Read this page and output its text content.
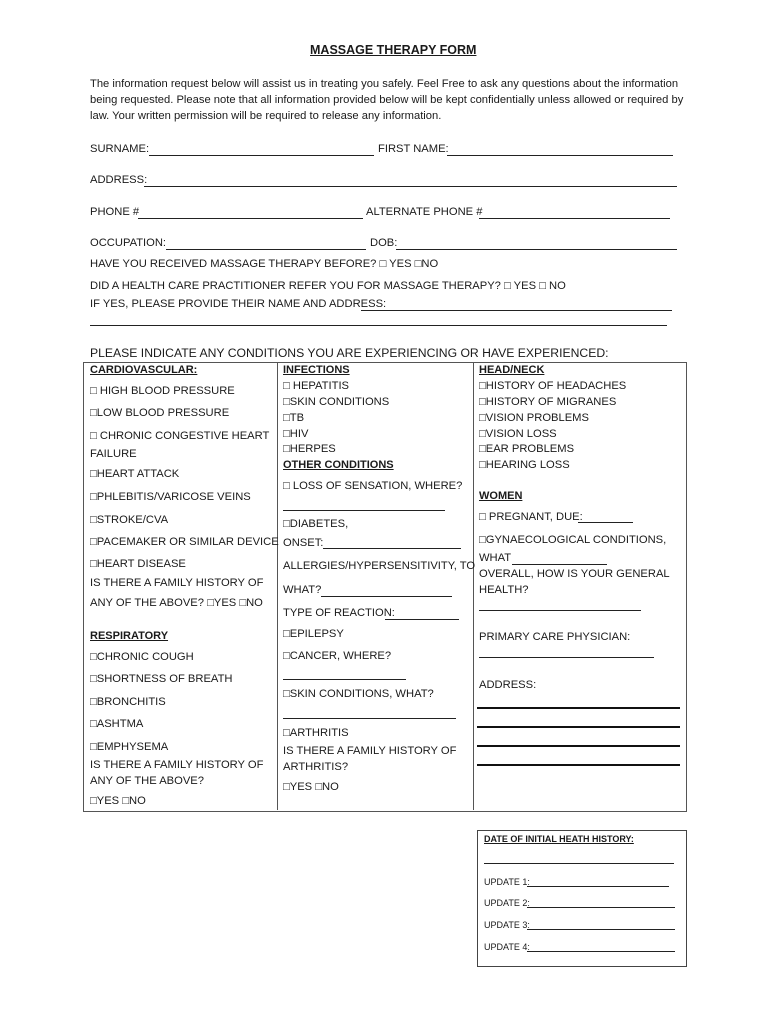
MASSAGE THERAPY FORM
The information request below will assist us in treating you safely. Feel Free to ask any questions about the information being requested. Please note that all information provided below will be kept confidentially unless allowed or required by law. Your written permission will be required to release any information.
SURNAME:	FIRST NAME:
ADDRESS:
PHONE #	ALTERNATE PHONE #
OCCUPATION:	DOB:
HAVE YOU RECEIVED MASSAGE THERAPY BEFORE? □ YES □NO
DID A HEALTH CARE PRACTITIONER REFER YOU FOR MASSAGE THERAPY? □ YES □ NO
IF YES, PLEASE PROVIDE THEIR NAME AND ADDRESS:
PLEASE INDICATE ANY CONDITIONS YOU ARE EXPERIENCING OR HAVE EXPERIENCED:
CARDIOVASCULAR:
□ HIGH BLOOD PRESSURE
□LOW BLOOD PRESSURE
□ CHRONIC CONGESTIVE HEART
FAILURE
□HEART ATTACK
□PHLEBITIS/VARICOSE VEINS
□STROKE/CVA
□PACEMAKER OR SIMILAR DEVICE
□HEART DISEASE
IS THERE A FAMILY HISTORY OF
ANY OF THE ABOVE? □YES □NO
RESPIRATORY
□CHRONIC COUGH
□SHORTNESS OF BREATH
□BRONCHITIS
□ASHTMA
□EMPHYSEMA
IS THERE A FAMILY HISTORY OF
ANY OF THE ABOVE?
□YES □NO
INFECTIONS
□ HEPATITIS
□SKIN CONDITIONS
□TB
□HIV
□HERPES
OTHER CONDITIONS
□ LOSS OF SENSATION, WHERE?
□DIABETES,
ONSET:
ALLERGIES/HYPERSENSITIVITY, TO
WHAT?
TYPE OF REACTION:
□EPILEPSY
□CANCER, WHERE?
□SKIN CONDITIONS, WHAT?
□ARTHRITIS
IS THERE A FAMILY HISTORY OF
ARTHRITIS?
□YES □NO
HEAD/NECK
□HISTORY OF HEADACHES
□HISTORY OF MIGRANES
□VISION PROBLEMS
□VISION LOSS
□EAR PROBLEMS
□HEARING LOSS
WOMEN
□ PREGNANT, DUE:
□GYNAECOLOGICAL CONDITIONS,
WHAT
OVERALL, HOW IS YOUR GENERAL
HEALTH?
PRIMARY CARE PHYSICIAN:
ADDRESS:
DATE OF INITIAL HEATH HISTORY:
UPDATE 1:
UPDATE 2:
UPDATE 3:
UPDATE 4:
